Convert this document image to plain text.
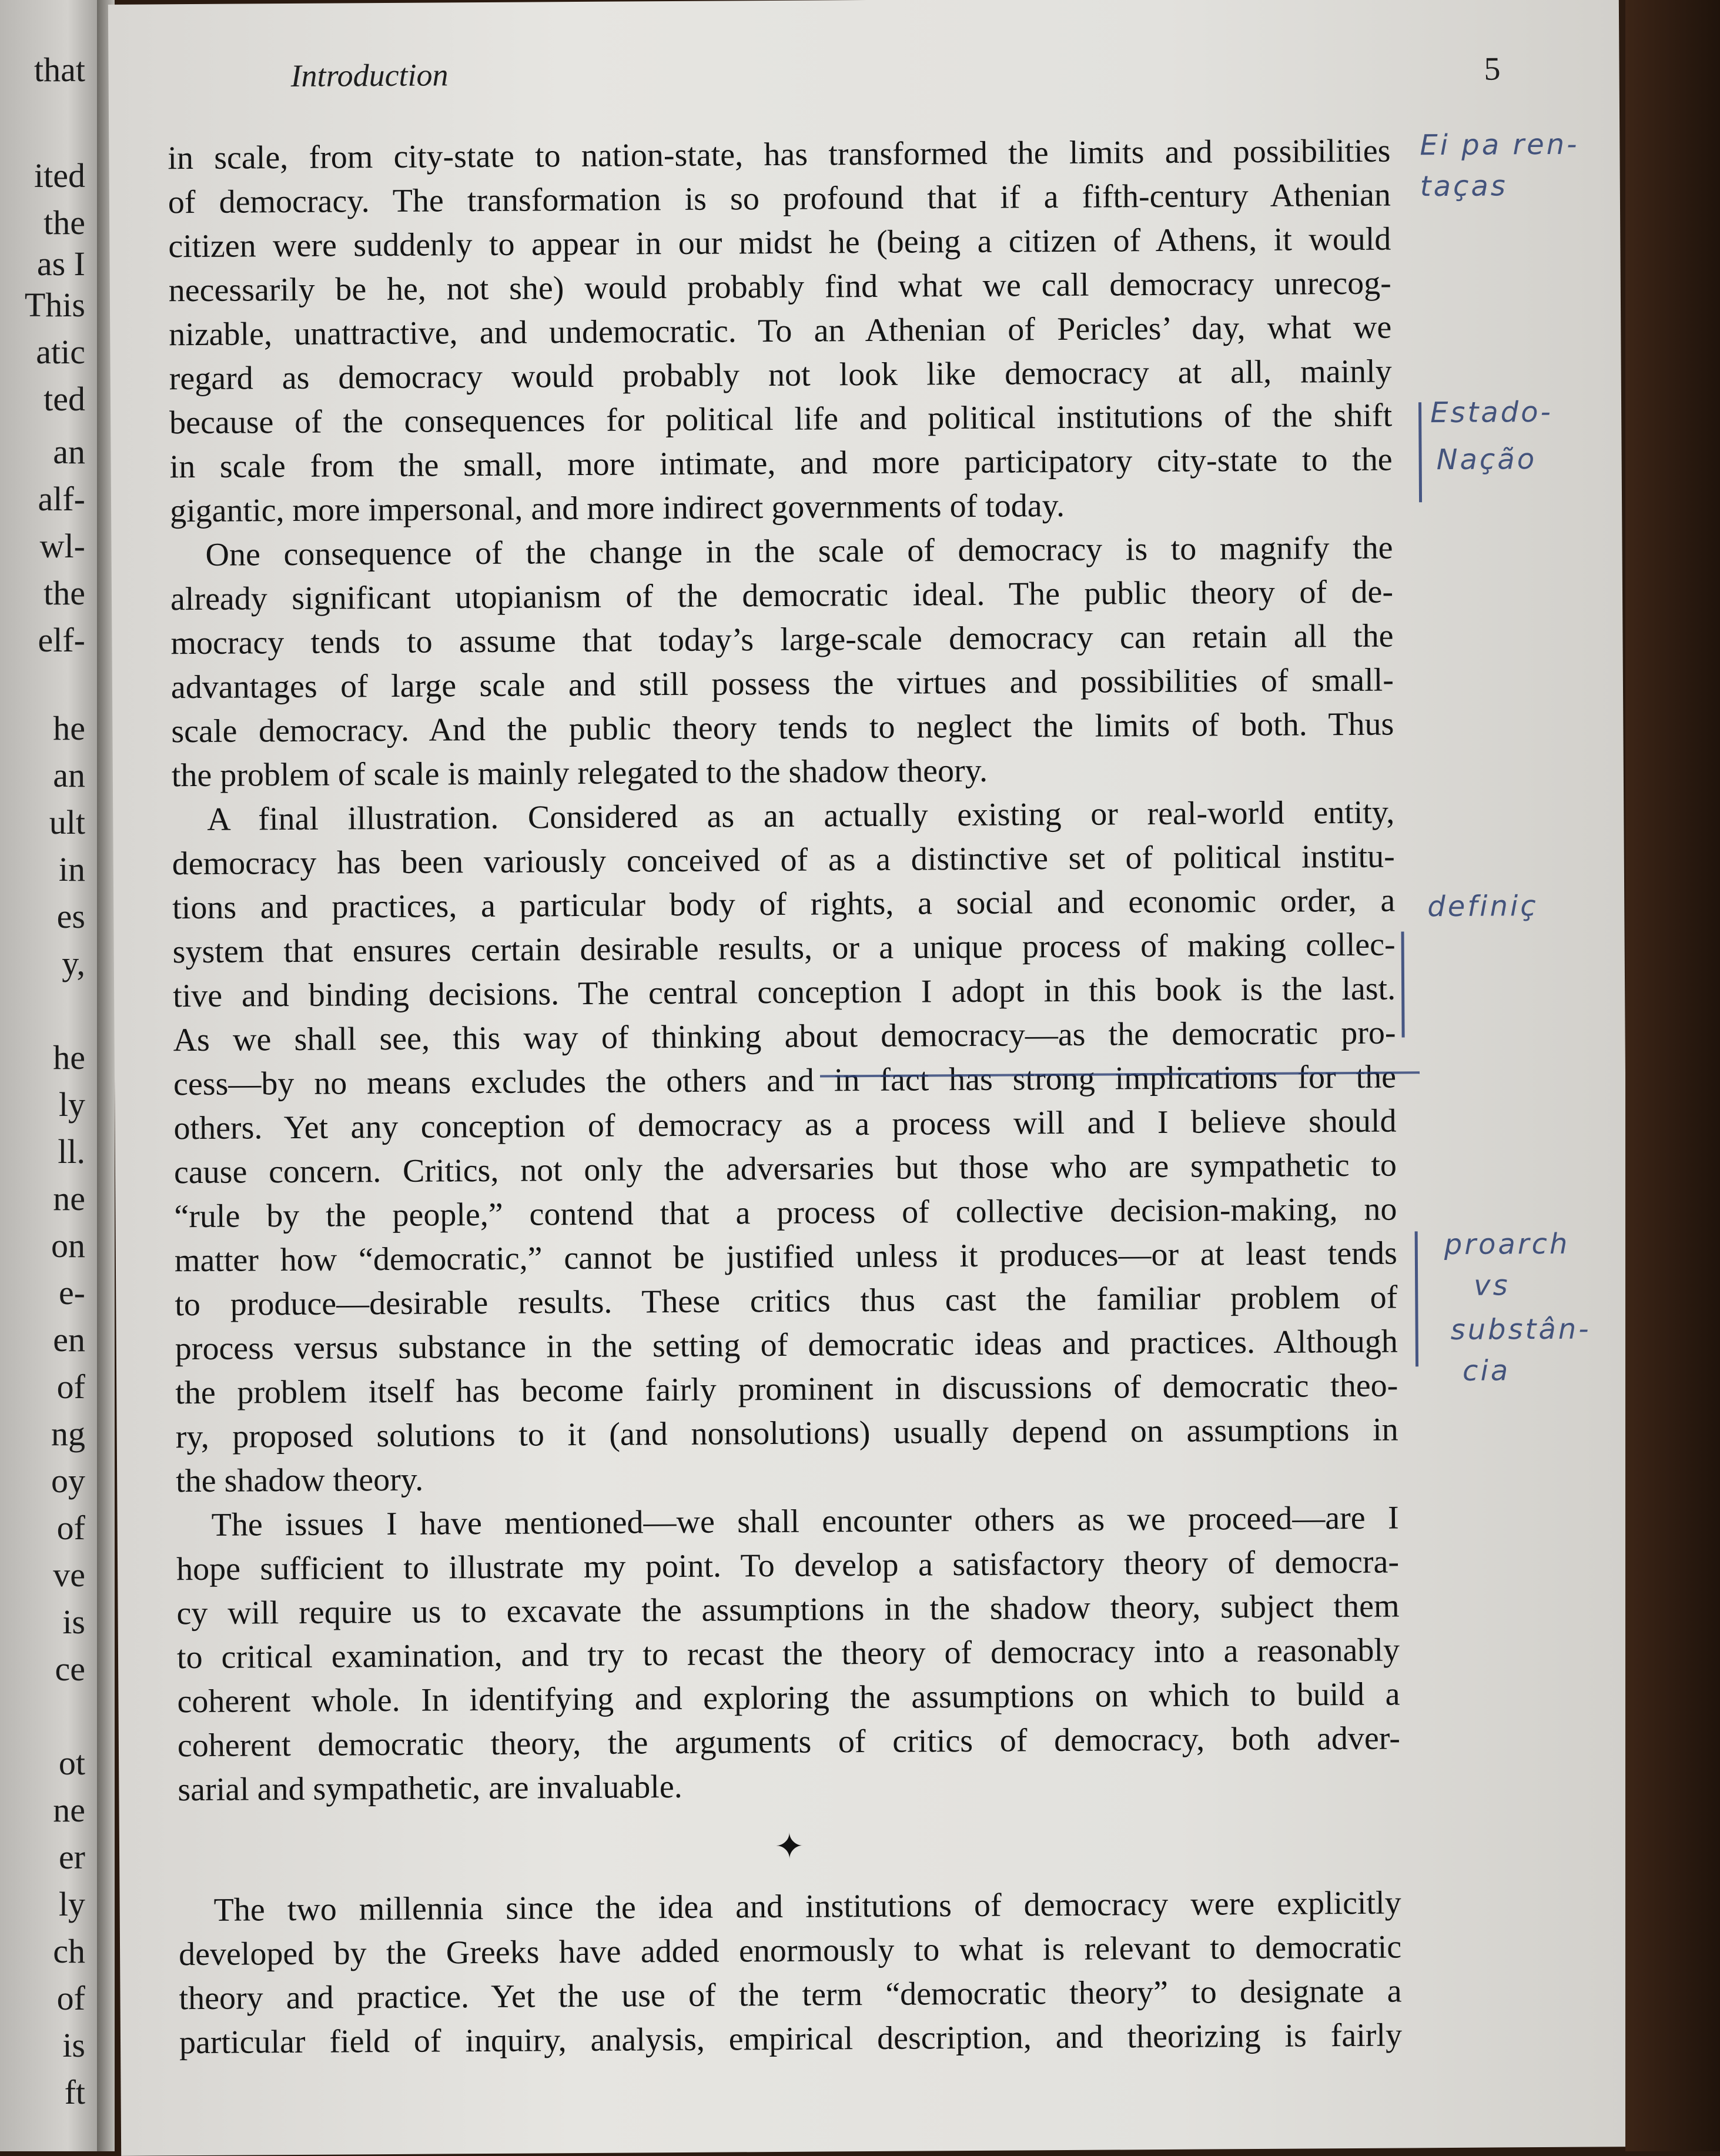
that
ited
the
as I
This
atic
ted
an
alf-
wl-
the
elf-
he
an
ult
in
es
y,
he
ly
ll.
ne
on
e-
en
of
ng
oy
of
ve
is
ce
ot
ne
er
ly
ch
of
is
ft
Introduction	5
in scale, from city-state to nation-state, has transformed the limits and possibilities
of democracy. The transformation is so profound that if a fifth-century Athenian
citizen were suddenly to appear in our midst he (being a citizen of Athens, it would
necessarily be he, not she) would probably find what we call democracy unrecog-
nizable, unattractive, and undemocratic. To an Athenian of Pericles’ day, what we
regard as democracy would probably not look like democracy at all, mainly
because of the consequences for political life and political institutions of the shift
in scale from the small, more intimate, and more participatory city-state to the
gigantic, more impersonal, and more indirect governments of today.
One consequence of the change in the scale of democracy is to magnify the
already significant utopianism of the democratic ideal. The public theory of de-
mocracy tends to assume that today’s large-scale democracy can retain all the
advantages of large scale and still possess the virtues and possibilities of small-
scale democracy. And the public theory tends to neglect the limits of both. Thus
the problem of scale is mainly relegated to the shadow theory.
A final illustration. Considered as an actually existing or real-world entity,
democracy has been variously conceived of as a distinctive set of political institu-
tions and practices, a particular body of rights, a social and economic order, a
system that ensures certain desirable results, or a unique process of making collec-
tive and binding decisions. The central conception I adopt in this book is the last.
As we shall see, this way of thinking about democracy—as the democratic pro-
cess—by no means excludes the others and in fact has strong implications for the
others. Yet any conception of democracy as a process will and I believe should
cause concern. Critics, not only the adversaries but those who are sympathetic to
“rule by the people,” contend that a process of collective decision-making, no
matter how “democratic,” cannot be justified unless it produces—or at least tends
to produce—desirable results. These critics thus cast the familiar problem of
process versus substance in the setting of democratic ideas and practices. Although
the problem itself has become fairly prominent in discussions of democratic theo-
ry, proposed solutions to it (and nonsolutions) usually depend on assumptions in
the shadow theory.
The issues I have mentioned—we shall encounter others as we proceed—are I
hope sufficient to illustrate my point. To develop a satisfactory theory of democra-
cy will require us to excavate the assumptions in the shadow theory, subject them
to critical examination, and try to recast the theory of democracy into a reasonably
coherent whole. In identifying and exploring the assumptions on which to build a
coherent democratic theory, the arguments of critics of democracy, both adver-
sarial and sympathetic, are invaluable.
✦
The two millennia since the idea and institutions of democracy were explicitly
developed by the Greeks have added enormously to what is relevant to democratic
theory and practice. Yet the use of the term “democratic theory” to designate a
particular field of inquiry, analysis, empirical description, and theorizing is fairly
Ei pa ren-
taças
Estado-
Nação
definiç
proarch
vs
substân-
cia
